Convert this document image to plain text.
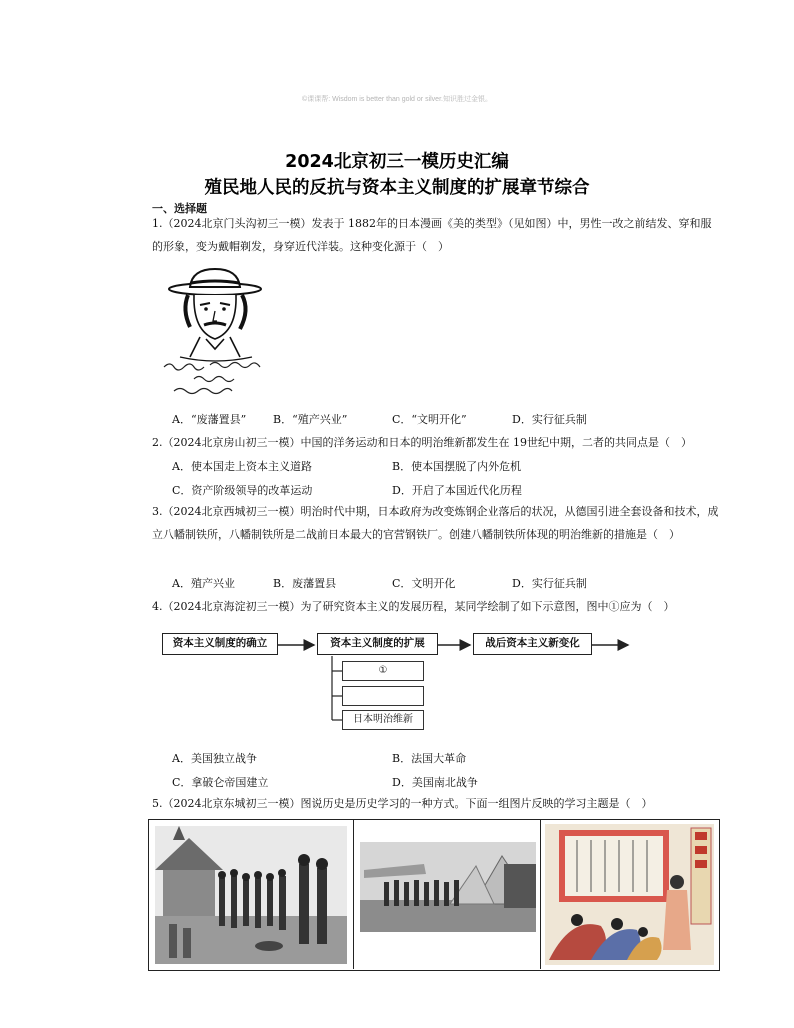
©课课帮: Wisdom is better than gold or silver.知识胜过金银。
2024北京初三一模历史汇编
殖民地人民的反抗与资本主义制度的扩展章节综合
一、选择题
1.（2024北京门头沟初三一模）发表于 1882年的日本漫画《美的类型》（见如图）中，男性一改之前结发、穿和服的形象，变为戴帽剃发，身穿近代洋装。这种变化源于（　）
A．“废藩置县” B．“殖产兴业”	C．“文明开化”	D．实行征兵制
2.（2024北京房山初三一模）中国的洋务运动和日本的明治维新都发生在 19世纪中期，二者的共同点是（　）
A．使本国走上资本主义道路	B．使本国摆脱了内外危机
C．资产阶级领导的改革运动	D．开启了本国近代化历程
3.（2024北京西城初三一模）明治时代中期，日本政府为改变炼钢企业落后的状况，从德国引进全套设备和技术，成立八幡制铁所，八幡制铁所是二战前日本最大的官营钢铁厂。创建八幡制铁所体现的明治维新的措施是（　）
A．殖产兴业	B．废藩置县	C．文明开化	D．实行征兵制
4.（2024北京海淀初三一模）为了研究资本主义的发展历程，某同学绘制了如下示意图，图中①应为（　）
资本主义制度的确立	资本主义制度的扩展	战后资本主义新变化
①
日本明治维新
A．美国独立战争	B．法国大革命
C．拿破仑帝国建立	D．美国南北战争
5.（2024北京东城初三一模）图说历史是历史学习的一种方式。下面一组图片反映的学习主题是（　）
